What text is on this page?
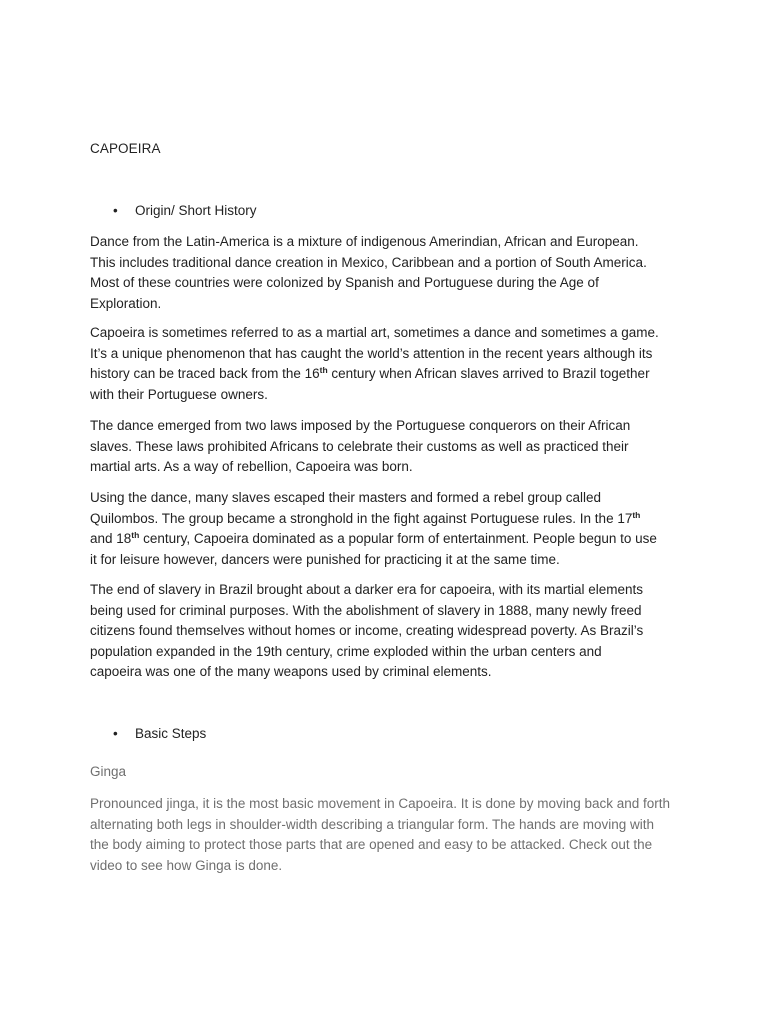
CAPOEIRA
• Origin/ Short History

Dance from the Latin-America is a mixture of indigenous Amerindian, African and European.
This includes traditional dance creation in Mexico, Caribbean and a portion of South America.
Most of these countries were colonized by Spanish and Portuguese during the Age of
Exploration.

Capoeira is sometimes referred to as a martial art, sometimes a dance and sometimes a game.
It’s a unique phenomenon that has caught the world’s attention in the recent years although its
history can be traced back from the 16th century when African slaves arrived to Brazil together
with their Portuguese owners.

The dance emerged from two laws imposed by the Portuguese conquerors on their African
slaves. These laws prohibited Africans to celebrate their customs as well as practiced their
martial arts. As a way of rebellion, Capoeira was born.

Using the dance, many slaves escaped their masters and formed a rebel group called
Quilombos. The group became a stronghold in the fight against Portuguese rules. In the 17th
and 18th century, Capoeira dominated as a popular form of entertainment. People begun to use
it for leisure however, dancers were punished for practicing it at the same time.

The end of slavery in Brazil brought about a darker era for capoeira, with its martial elements
being used for criminal purposes. With the abolishment of slavery in 1888, many newly freed
citizens found themselves without homes or income, creating widespread poverty. As Brazil’s
population expanded in the 19th century, crime exploded within the urban centers and
capoeira was one of the many weapons used by criminal elements.

• Basic Steps
Ginga

Pronounced jinga, it is the most basic movement in Capoeira. It is done by moving back and forth
alternating both legs in shoulder-width describing a triangular form. The hands are moving with
the body aiming to protect those parts that are opened and easy to be attacked. Check out the
video to see how Ginga is done.
